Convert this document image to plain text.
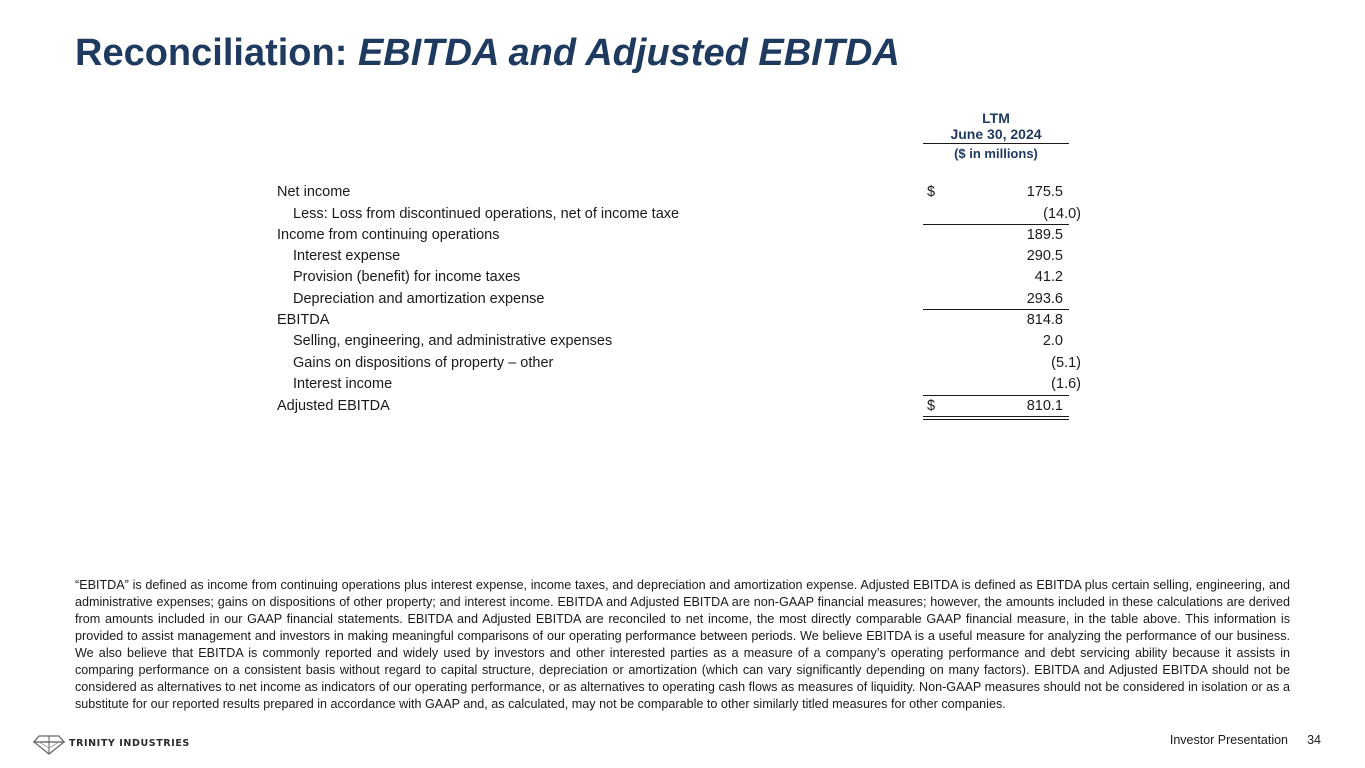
Reconciliation: EBITDA and Adjusted EBITDA
LTM
June 30, 2024
($ in millions)
Net income	$	175.5
Less: Loss from discontinued operations, net of income taxe	(14.0)
Income from continuing operations	189.5
Interest expense	290.5
Provision (benefit) for income taxes	41.2
Depreciation and amortization expense	293.6
EBITDA	814.8
Selling, engineering, and administrative expenses	2.0
Gains on dispositions of property – other	(5.1)
Interest income	(1.6)
Adjusted EBITDA	$	810.1

“EBITDA” is defined as income from continuing operations plus interest expense, income taxes, and depreciation and amortization expense. Adjusted EBITDA is defined as EBITDA plus certain selling, engineering, and administrative expenses; gains on dispositions of other property; and interest income. EBITDA and Adjusted EBITDA are non-GAAP financial measures; however, the amounts included in these calculations are derived from amounts included in our GAAP financial statements. EBITDA and Adjusted EBITDA are reconciled to net income, the most directly comparable GAAP financial measure, in the table above. This information is provided to assist management and investors in making meaningful comparisons of our operating performance between periods. We believe EBITDA is a useful measure for analyzing the performance of our business. We also believe that EBITDA is commonly reported and widely used by investors and other interested parties as a measure of a company’s operating performance and debt servicing ability because it assists in comparing performance on a consistent basis without regard to capital structure, depreciation or amortization (which can vary significantly depending on many factors). EBITDA and Adjusted EBITDA should not be considered as alternatives to net income as indicators of our operating performance, or as alternatives to operating cash flows as measures of liquidity. Non-GAAP measures should not be considered in isolation or as a substitute for our reported results prepared in accordance with GAAP and, as calculated, may not be comparable to other similarly titled measures for other companies.

TRINITY INDUSTRIES	Investor Presentation 34
